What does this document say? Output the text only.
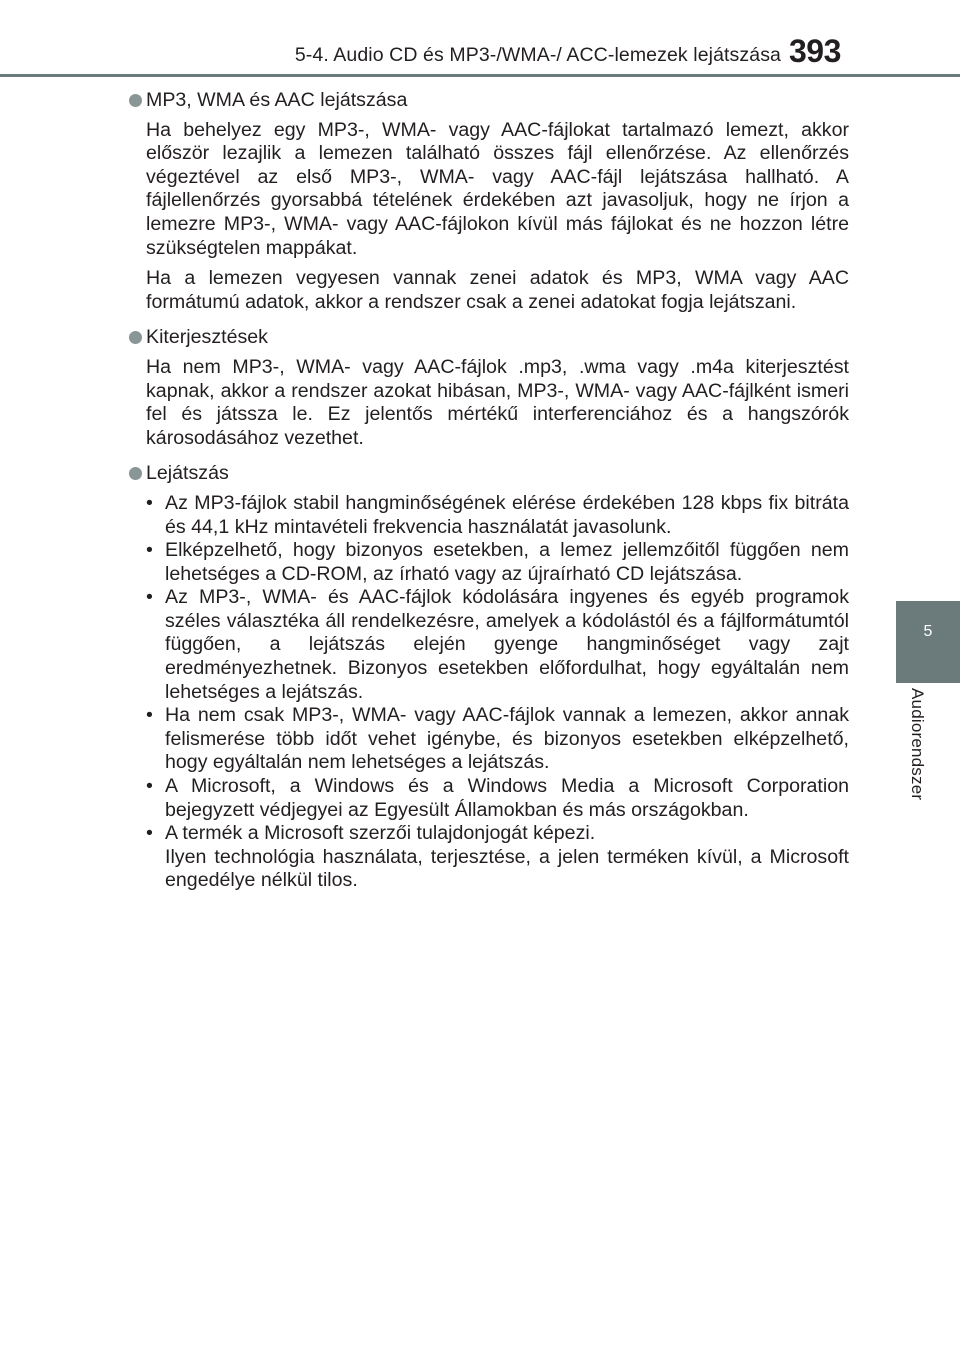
5-4. Audio CD és MP3-/WMA-/ ACC-lemezek lejátszása 393
5
Audiorendszer
MP3, WMA és AAC lejátszása

Ha behelyez egy MP3-, WMA- vagy AAC-fájlokat tartalmazó lemezt, akkor először lezajlik a lemezen található összes fájl ellenőrzése. Az ellenőrzés végeztével az első MP3-, WMA- vagy AAC-fájl lejátszása hallható. A fájlellenőrzés gyorsabbá tételének érdekében azt javasoljuk, hogy ne írjon a lemezre MP3-, WMA- vagy AAC-fájlokon kívül más fájlokat és ne hozzon létre szükségtelen mappákat.

Ha a lemezen vegyesen vannak zenei adatok és MP3, WMA vagy AAC formátumú adatok, akkor a rendszer csak a zenei adatokat fogja lejátszani.

Kiterjesztések

Ha nem MP3-, WMA- vagy AAC-fájlok .mp3, .wma vagy .m4a kiterjesztést kapnak, akkor a rendszer azokat hibásan, MP3-, WMA- vagy AAC-fájlként ismeri fel és játssza le. Ez jelentős mértékű interferenciához és a hangszórók károsodásához vezethet.

Lejátszás
• Az MP3-fájlok stabil hangminőségének elérése érdekében 128 kbps fix bitráta és 44,1 kHz mintavételi frekvencia használatát javasolunk.
• Elképzelhető, hogy bizonyos esetekben, a lemez jellemzőitől függően nem lehetséges a CD-ROM, az írható vagy az újraírható CD lejátszása.
• Az MP3-, WMA- és AAC-fájlok kódolására ingyenes és egyéb programok széles választéka áll rendelkezésre, amelyek a kódolástól és a fájlformátumtól függően, a lejátszás elején gyenge hangminőséget vagy zajt eredményezhetnek. Bizonyos esetekben előfordulhat, hogy egyáltalán nem lehetséges a lejátszás.
• Ha nem csak MP3-, WMA- vagy AAC-fájlok vannak a lemezen, akkor annak felismerése több időt vehet igénybe, és bizonyos esetekben elképzelhető, hogy egyáltalán nem lehetséges a lejátszás.
• A Microsoft, a Windows és a Windows Media a Microsoft Corporation bejegyzett védjegyei az Egyesült Államokban és más országokban.
• A termék a Microsoft szerzői tulajdonjogát képezi.
Ilyen technológia használata, terjesztése, a jelen terméken kívül, a Microsoft engedélye nélkül tilos.
